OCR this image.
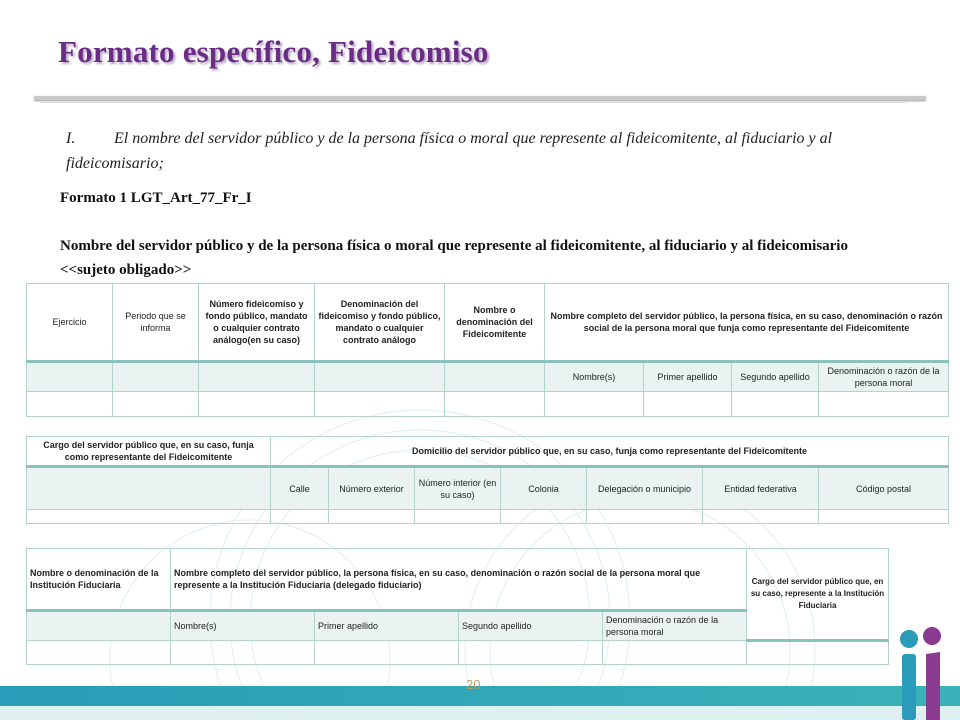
Formato específico, Fideicomiso
I. El nombre del servidor público y de la persona física o moral que represente al fideicomitente, al fiduciario y al fideicomisario;
Formato 1 LGT_Art_77_Fr_I
Nombre del servidor público y de la persona física o moral que represente al fideicomitente, al fiduciario y al fideicomisario <<sujeto obligado>>
Ejercicio	Periodo que se informa	Número fideicomiso y fondo público, mandato o cualquier contrato análogo(en su caso)	Denominación del fideicomiso y fondo público, mandato o cualquier contrato análogo	Nombre o denominación del Fideicomitente	Nombre completo del servidor público, la persona física, en su caso, denominación o razón social de la persona moral que funja como representante del Fideicomitente			
					Nombre(s)	Primer apellido	Segundo apellido	Denominación o razón de la persona moral

Cargo del servidor público que, en su caso, funja como representante del Fideicomitente	Domicilio del servidor público que, en su caso, funja como representante del Fideicomitente						
	Calle	Número exterior	Número interior (en su caso)	Colonia	Delegación o municipio	Entidad federativa	Código postal

Nombre o denominación de la Institución Fiduciaria	Nombre completo del servidor público, la persona física, en su caso, denominación o razón social de la persona moral que represente a la Institución Fiduciaria (delegado fiduciario)				Cargo del servidor público que, en su caso, represente a la Institución Fiduciaria
	Nombre(s)	Primer apellido	Segundo apellido	Denominación o razón de la persona moral	

20
